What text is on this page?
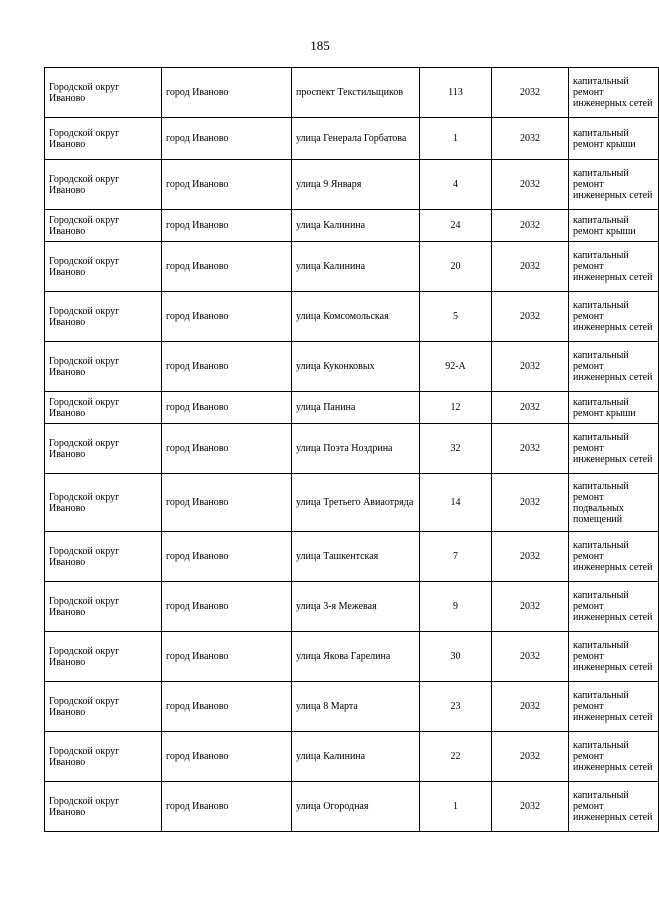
185
Городской округ Иваново	город Иваново	проспект Текстильщиков	113	2032	капитальный ремонт инженерных сетей
Городской округ Иваново	город Иваново	улица Генерала Горбатова	1	2032	капитальный ремонт крыши
Городской округ Иваново	город Иваново	улица 9 Января	4	2032	капитальный ремонт инженерных сетей
Городской округ Иваново	город Иваново	улица Калинина	24	2032	капитальный ремонт крыши
Городской округ Иваново	город Иваново	улица Калинина	20	2032	капитальный ремонт инженерных сетей
Городской округ Иваново	город Иваново	улица Комсомольская	5	2032	капитальный ремонт инженерных сетей
Городской округ Иваново	город Иваново	улица Куконковых	92-А	2032	капитальный ремонт инженерных сетей
Городской округ Иваново	город Иваново	улица Панина	12	2032	капитальный ремонт крыши
Городской округ Иваново	город Иваново	улица Поэта Ноздрина	32	2032	капитальный ремонт инженерных сетей
Городской округ Иваново	город Иваново	улица Третьего Авиаотряда	14	2032	капитальный ремонт подвальных помещений
Городской округ Иваново	город Иваново	улица Ташкентская	7	2032	капитальный ремонт инженерных сетей
Городской округ Иваново	город Иваново	улица 3-я Межевая	9	2032	капитальный ремонт инженерных сетей
Городской округ Иваново	город Иваново	улица Якова Гарелина	30	2032	капитальный ремонт инженерных сетей
Городской округ Иваново	город Иваново	улица 8 Марта	23	2032	капитальный ремонт инженерных сетей
Городской округ Иваново	город Иваново	улица Калинина	22	2032	капитальный ремонт инженерных сетей
Городской округ Иваново	город Иваново	улица Огородная	1	2032	капитальный ремонт инженерных сетей
